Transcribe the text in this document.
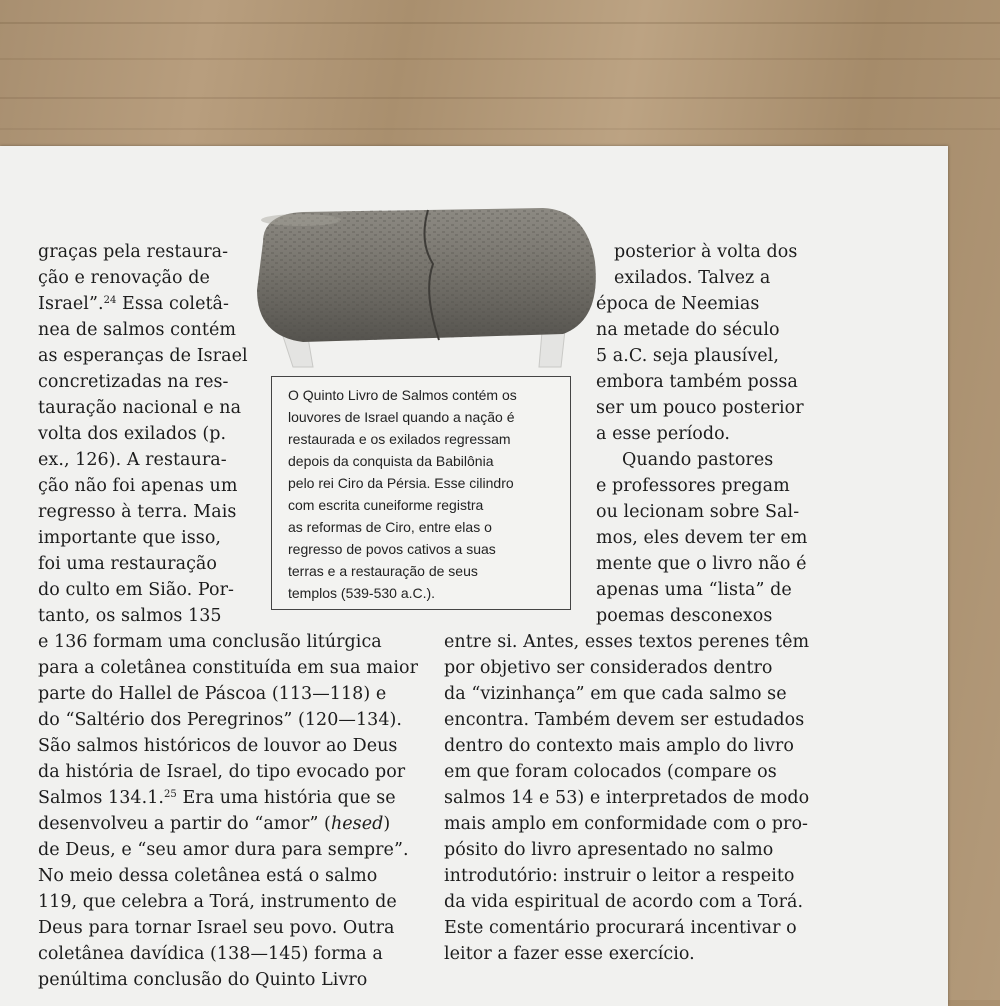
O Quinto Livro de Salmos contém os

louvores de Israel quando a nação é

restaurada e os exilados regressam

depois da conquista da Babilônia

pelo rei Ciro da Pérsia. Esse cilindro

com escrita cuneiforme registra

as reformas de Ciro, entre elas o

regresso de povos cativos a suas

terras e a restauração de seus

templos (539-530 a.C.).

graças pela restaura-

ção e renovação de

Israel”.$^{24}$ Essa coletâ-

nea de salmos contém

as esperanças de Israel

concretizadas na res-

tauração nacional e na

volta dos exilados (p.

ex., 126). A restaura-

ção não foi apenas um

regresso à terra. Mais

importante que isso,

foi uma restauração

do culto em Sião. Por-

tanto, os salmos 135

e 136 formam uma conclusão litúrgica

para a coletânea constituída em sua maior

parte do Hallel de Páscoa (113—118) e

do “Saltério dos Peregrinos” (120—134).

São salmos históricos de louvor ao Deus

da história de Israel, do tipo evocado por

Salmos 134.1.25 Era uma história que se

desenvolveu a partir do “amor” (hesed)

de Deus, e “seu amor dura para sempre”.

No meio dessa coletânea está o salmo

119, que celebra a Torá, instrumento de

Deus para tornar Israel seu povo. Outra

coletânea davídica (138—145) forma a

penúltima conclusão do Quinto Livro

posterior à volta dos

exilados. Talvez a

época de Neemias

na metade do século

5 a.C. seja plausível,

embora também possa

ser um pouco posterior

a esse período.

Quando pastores

e professores pregam

ou lecionam sobre Sal-

mos, eles devem ter em

mente que o livro não é

apenas uma “lista” de

poemas desconexos

entre si. Antes, esses textos perenes têm

por objetivo ser considerados dentro

da “vizinhança” em que cada salmo se

encontra. Também devem ser estudados

dentro do contexto mais amplo do livro

em que foram colocados (compare os

salmos 14 e 53) e interpretados de modo

mais amplo em conformidade com o pro-

pósito do livro apresentado no salmo

introdutório: instruir o leitor a respeito

da vida espiritual de acordo com a Torá.

Este comentário procurará incentivar o

leitor a fazer esse exercício.
